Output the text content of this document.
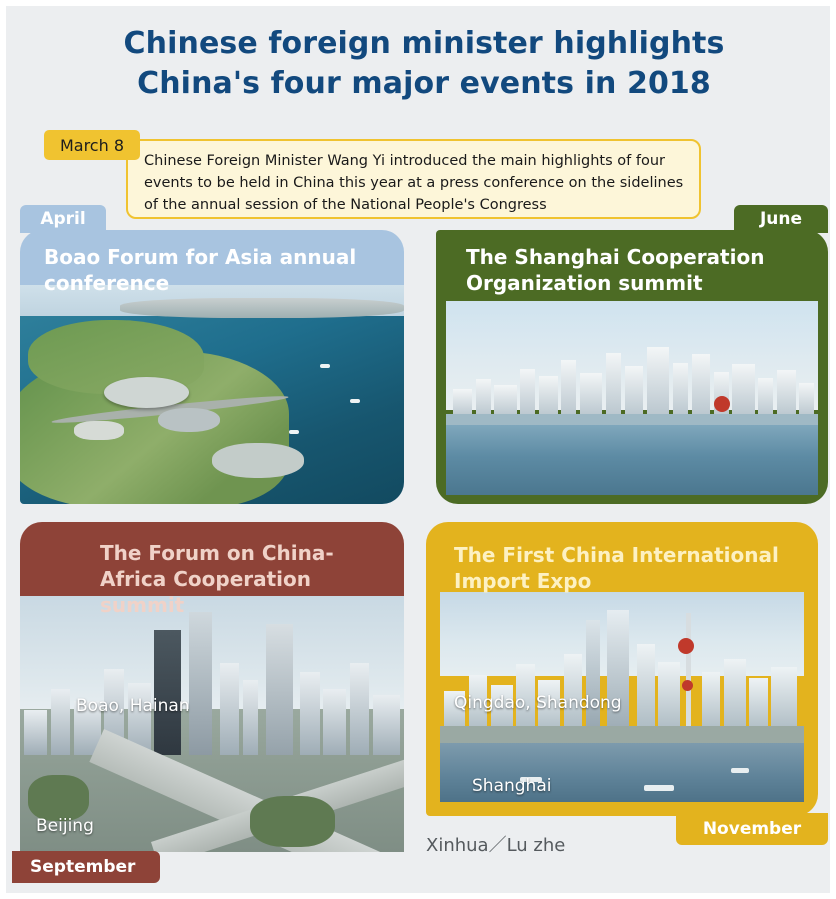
Chinese foreign minister highlights
China's four major events in 2018
March 8
Chinese Foreign Minister Wang Yi introduced the main highlights of four events to be held in China this year at a press conference on the sidelines of the annual session of the National People's Congress
April
Boao Forum for Asia annual conference
Boao, Hainan
June
The Shanghai Cooperation Organization summit
Qingdao, Shandong
The Forum on China-Africa Cooperation summit
Beijing
September
The First China International Import Expo
Shanghai
November
Xinhua／Lu zhe
